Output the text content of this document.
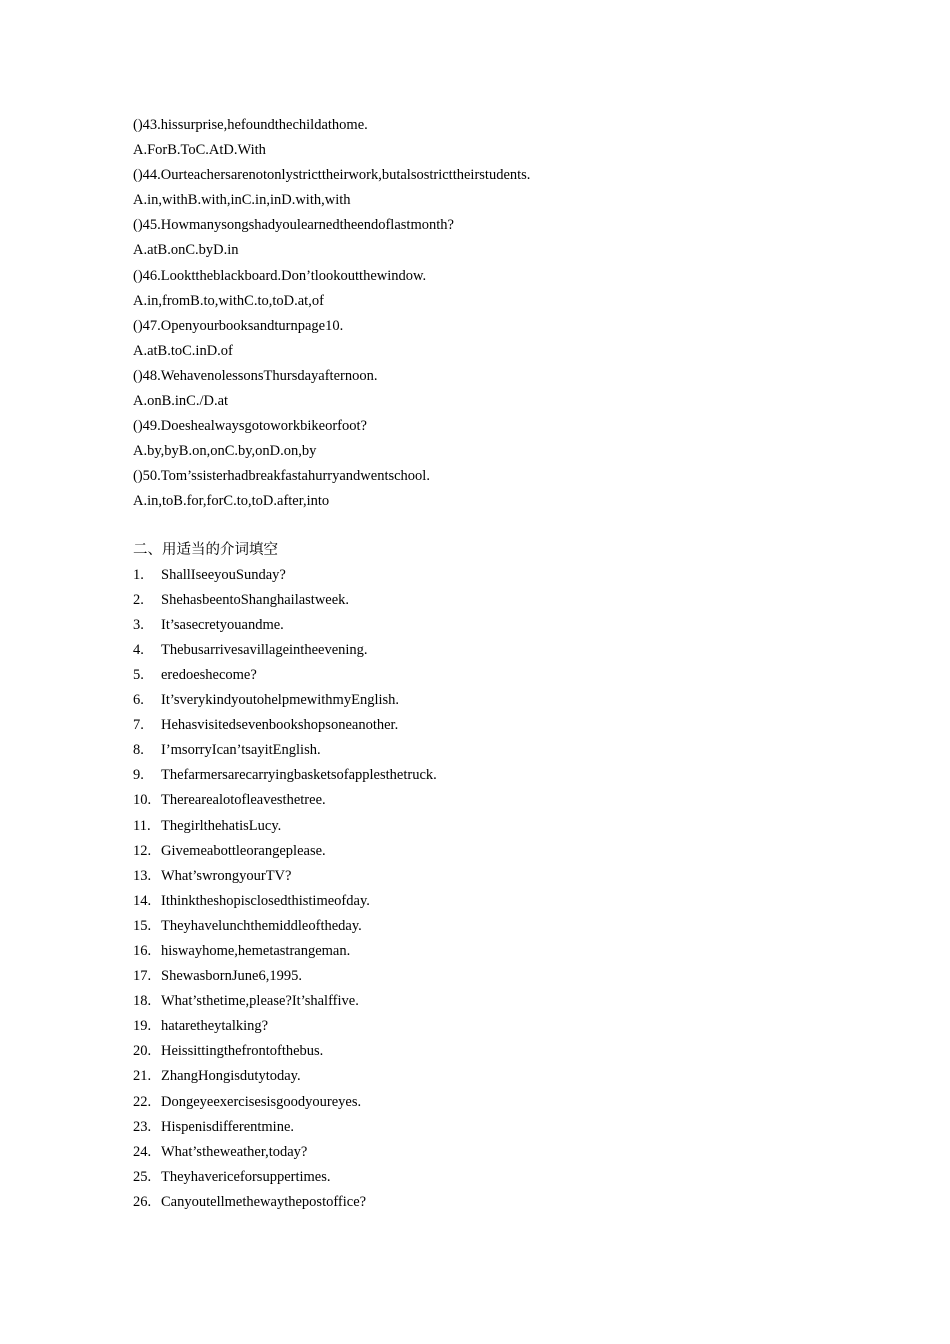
()43.hissurprise,hefoundthechildathome.
A.ForB.ToC.AtD.With
()44.Ourteachersarenotonlystricttheirwork,butalsostricttheirstudents.
A.in,withB.with,inC.in,inD.with,with
()45.Howmanysongshadyoulearnedtheendoflastmonth?
A.atB.onC.byD.in
()46.Lookttheblackboard.Don’tlookoutthewindow.
A.in,fromB.to,withC.to,toD.at,of
()47.Openyourbooksandturnpage10.
A.atB.toC.inD.of
()48.WehavenolessonsThursdayafternoon.
A.onB.inC./D.at
()49.Doeshealwaysgotoworkbikeorfoot?
A.by,byB.on,onC.by,onD.on,by
()50.Tom’ssisterhadbreakfastahurryandwentschool.
A.in,toB.for,forC.to,toD.after,into
二、用适当的介词填空
1. ShallIseeyouSunday?
2. ShehasbeentoShanghailastweek.
3. It’sasecretyouandme.
4. Thebusarrivesavillageintheevening.
5. eredoeshecome?
6. It’sverykindyoutohelpmewithmyEnglish.
7. Hehasvisitedsevenbookshopsoneanother.
8. I’msorryIcan’tsayitEnglish.
9. Thefarmersarecarryingbasketsofapplesthetruck.
10. Therearealotofleavesthetree.
11. ThegirlthehatisLucy.
12. Givemeabottleorangeplease.
13. What’swrongyourTV?
14. Ithinktheshopisclosedthistimeofday.
15. Theyhavelunchthemiddleoftheday.
16. hiswayhome,hemetastrangeman.
17. ShewasbornJune6,1995.
18. What’sthetime,please?It’shalffive.
19. hataretheytalking?
20. Heissittingthefrontofthebus.
21. ZhangHongisdutytoday.
22. Dongeyeexercisesisgoodyoureyes.
23. Hispenisdifferentmine.
24. What’stheweather,today?
25. Theyhavericeforsuppertimes.
26. Canyoutellmethewaythepostoffice?
